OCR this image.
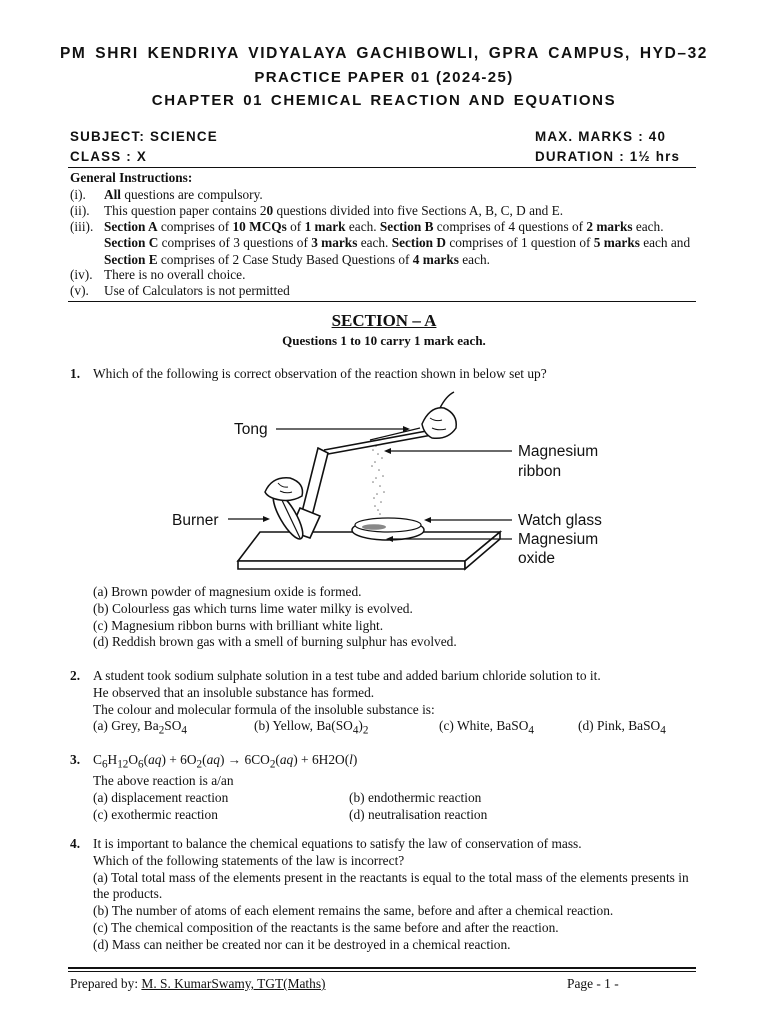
PM SHRI KENDRIYA VIDYALAYA GACHIBOWLI, GPRA CAMPUS, HYD–32
PRACTICE PAPER 01 (2024-25)
CHAPTER 01 CHEMICAL REACTION AND EQUATIONS
SUBJECT: SCIENCE
CLASS : X
MAX. MARKS : 40
DURATION : 1½ hrs
General Instructions:
(i).	All questions are compulsory.
(ii).	This question paper contains 20 questions divided into five Sections A, B, C, D and E.
(iii). Section A comprises of 10 MCQs of 1 mark each. Section B comprises of 4 questions of 2 marks each. Section C comprises of 3 questions of 3 marks each. Section D comprises of 1 question of 5 marks each and Section E comprises of 2 Case Study Based Questions of 4 marks each.
(iv). There is no overall choice.
(v).	Use of Calculators is not permitted
SECTION – A
Questions 1 to 10 carry 1 mark each.
1. Which of the following is correct observation of the reaction shown in below set up?
Tong
Magnesium
ribbon
Burner	Watch glass
Magnesium
oxide
(a) Brown powder of magnesium oxide is formed.
(b) Colourless gas which turns lime water milky is evolved.
(c) Magnesium ribbon burns with brilliant white light.
(d) Reddish brown gas with a smell of burning sulphur has evolved.
2. A student took sodium sulphate solution in a test tube and added barium chloride solution to it.
He observed that an insoluble substance has formed.
The colour and molecular formula of the insoluble substance is:
(a) Grey, $Ba_2SO_4$	(b) Yellow, $Ba(SO_4)_2$	(c) White, BaSO$_4$	(d) Pink, BaSO$_4$
3. $C_6H_{12}O_6(aq) + 6O_2(aq) \to 6CO_2(aq) + 6H2O(l)$
The above reaction is a/an
(a) displacement reaction	(b) endothermic reaction
(c) exothermic reaction	(d) neutralisation reaction
4. It is important to balance the chemical equations to satisfy the law of conservation of mass.
Which of the following statements of the law is incorrect?
(a) Total total mass of the elements present in the reactants is equal to the total mass of the elements presents in the products.
(b) The number of atoms of each element remains the same, before and after a chemical reaction.
(c) The chemical composition of the reactants is the same before and after the reaction.
(d) Mass can neither be created nor can it be destroyed in a chemical reaction.
Prepared by: M. S. KumarSwamy, TGT(Maths)	Page - 1 -
